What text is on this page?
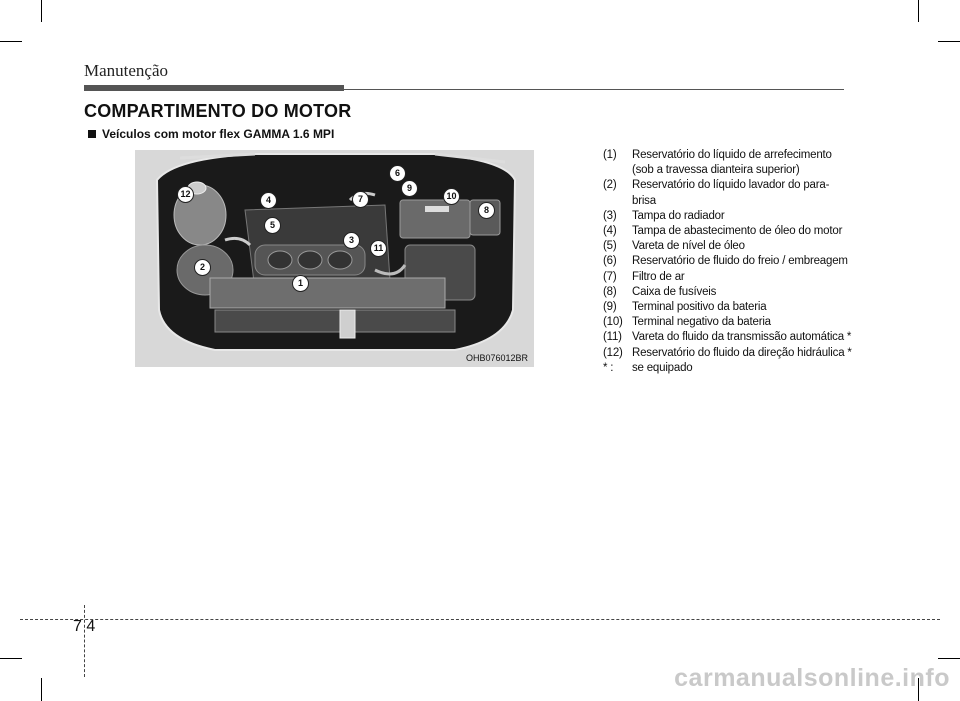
Manutenção
COMPARTIMENTO DO MOTOR
Veículos com motor flex GAMMA 1.6 MPI
1
2
3
4
5
6
7
8
9
10
11
12
OHB076012BR
(1)	Reservatório do líquido de arrefecimento (sob a travessa dianteira superior)
(2)	Reservatório do líquido lavador do para-brisa
(3)	Tampa do radiador
(4)	Tampa de abastecimento de óleo do motor
(5)	Vareta de nível de óleo
(6)	Reservatório de fluido do freio / embreagem
(7)	Filtro de ar
(8)	Caixa de fusíveis
(9)	Terminal positivo da bateria
(10) Terminal negativo da bateria
(11) Vareta do fluido da transmissão automática *
(12) Reservatório do fluido da direção hidráulica *
* :	se equipado
7 4
carmanualsonline.info
